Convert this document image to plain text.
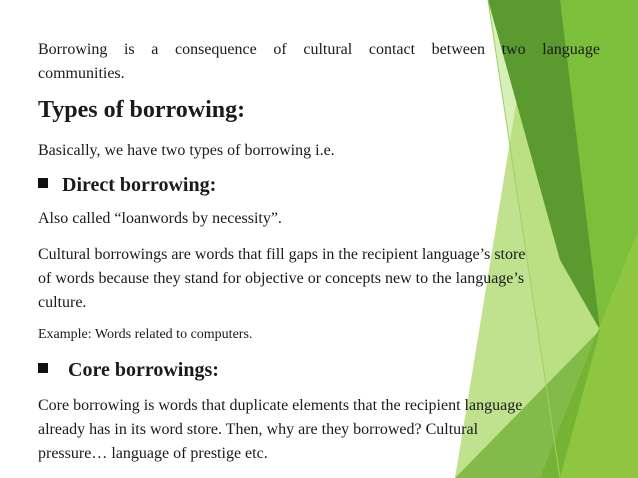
Borrowing is a consequence of cultural contact between two language

communities.

Types of borrowing:

Basically, we have two types of borrowing i.e.

Direct borrowing:

Also called “loanwords by necessity”.

Cultural borrowings are words that fill gaps in the recipient language’s store

of words because they stand for objective or concepts new to the language’s

culture.

Example: Words related to computers.

Core borrowings:

Core borrowing is words that duplicate elements that the recipient language

already has in its word store. Then, why are they borrowed? Cultural

pressure… language of prestige etc.
